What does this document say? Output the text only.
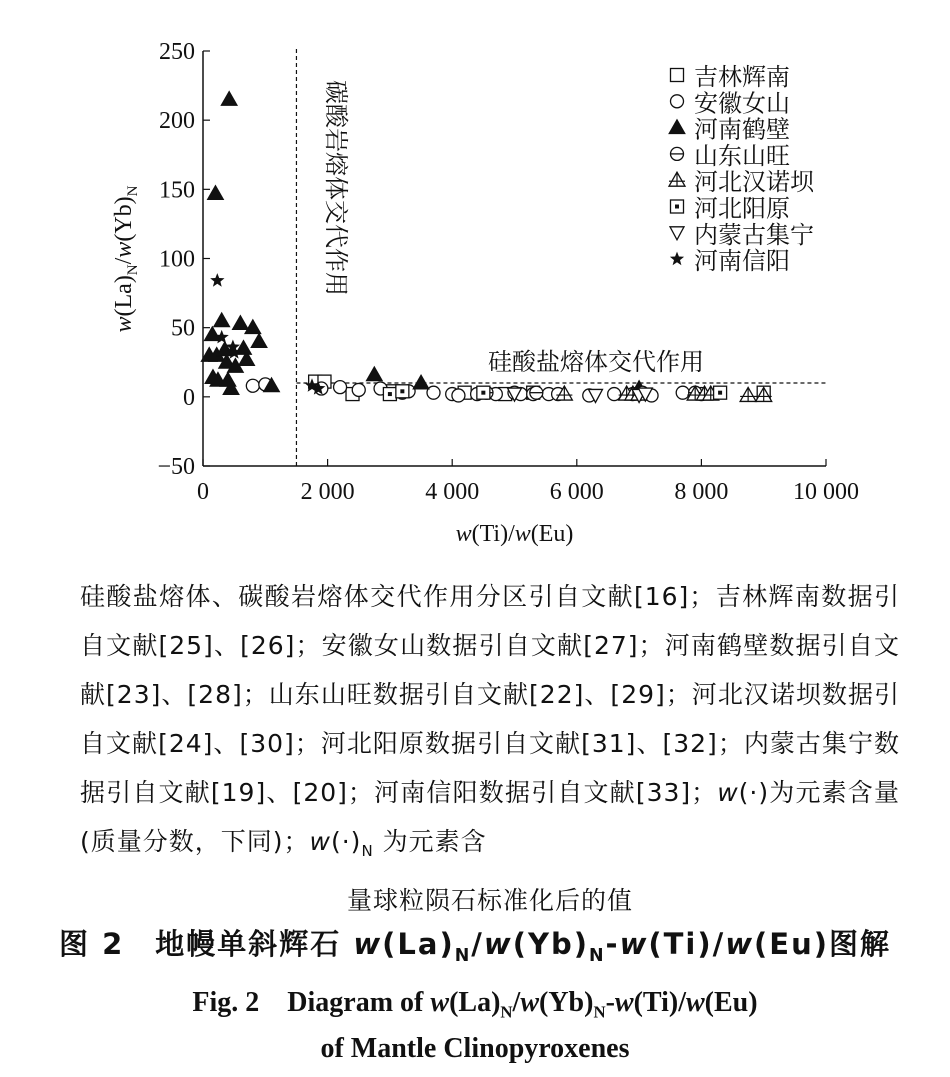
250
200
150
100
50
0
−50
0	2 000	4 000	6 000	8 000	10 000
碳酸岩熔体交代作用
硅酸盐熔体交代作用
吉林辉南
安徽女山
河南鹤壁
山东山旺
河北汉诺坝
河北阳原
内蒙古集宁
河南信阳
w(Ti)/w(Eu)
$w(La)_N/w(Yb)_N$
硅酸盐熔体、碳酸岩熔体交代作用分区引自文献[16]；吉林辉南数据引自文献[25]、[26]；安徽女山数据引自文献[27]；河南鹤壁数据引自文献[23]、[28]；山东山旺数据引自文献[22]、[29]；河北汉诺坝数据引自文献[24]、[30]；河北阳原数据引自文献[31]、[32]；内蒙古集宁数据引自文献[19]、[20]；河南信阳数据引自文献[33]；w(·)为元素含量(质量分数，下同)；$w(\cdot)_N$ 为元素含
量球粒陨石标准化后的值
图 2　地幔单斜辉石 $w(La)_N/w(Yb)_N-w(Ti)/w(Eu)$图解
Fig. 2　Diagram of $w(La)_N/w(Yb)_N-w(Ti)/w(Eu)$
of Mantle Clinopyroxenes
